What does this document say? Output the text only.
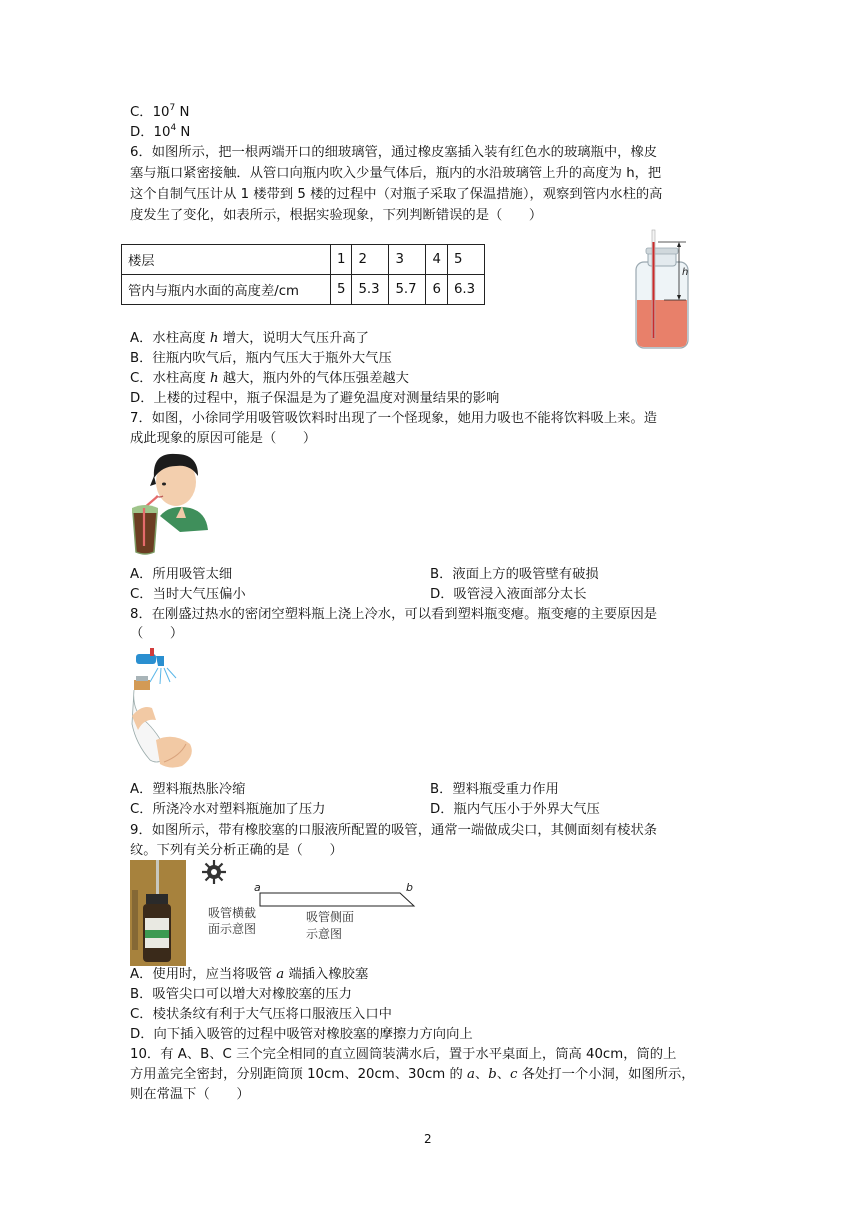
C．$10^7$ N
D．$10^4$ N
6．如图所示，把一根两端开口的细玻璃管，通过橡皮塞插入装有红色水的玻璃瓶中，橡皮
塞与瓶口紧密接触．从管口向瓶内吹入少量气体后，瓶内的水沿玻璃管上升的高度为 h，把
这个自制气压计从 1 楼带到 5 楼的过程中（对瓶子采取了保温措施），观察到管内水柱的高
度发生了变化，如表所示，根据实验现象，下列判断错误的是（　　）
楼层	1	2	3	4	5
管内与瓶内水面的高度差/cm	5	5.3	5.7	6	6.3
h
A．水柱高度 h 增大，说明大气压升高了
B．往瓶内吹气后，瓶内气压大于瓶外大气压
C．水柱高度 h 越大，瓶内外的气体压强差越大
D．上楼的过程中，瓶子保温是为了避免温度对测量结果的影响
7．如图，小徐同学用吸管吸饮料时出现了一个怪现象，她用力吸也不能将饮料吸上来。造
成此现象的原因可能是（　　）
A．所用吸管太细	B．液面上方的吸管壁有破损
C．当时大气压偏小	D．吸管浸入液面部分太长
8．在刚盛过热水的密闭空塑料瓶上浇上冷水，可以看到塑料瓶变瘪。瓶变瘪的主要原因是
（　　）
A．塑料瓶热胀冷缩	B．塑料瓶受重力作用
C．所浇冷水对塑料瓶施加了压力	D．瓶内气压小于外界大气压
9．如图所示，带有橡胶塞的口服液所配置的吸管，通常一端做成尖口，其侧面刻有棱状条
纹。下列有关分析正确的是（　　）
a	b
吸管横截
面示意图
吸管侧面
示意图
A．使用时，应当将吸管 a 端插入橡胶塞
B．吸管尖口可以增大对橡胶塞的压力
C．棱状条纹有利于大气压将口服液压入口中
D．向下插入吸管的过程中吸管对橡胶塞的摩擦力方向向上
10．有 A、B、C 三个完全相同的直立圆筒装满水后，置于水平桌面上，筒高 40cm，筒的上
方用盖完全密封，分别距筒顶 10cm、20cm、30cm 的 a、b、c 各处打一个小洞，如图所示，
则在常温下（　　）
2
